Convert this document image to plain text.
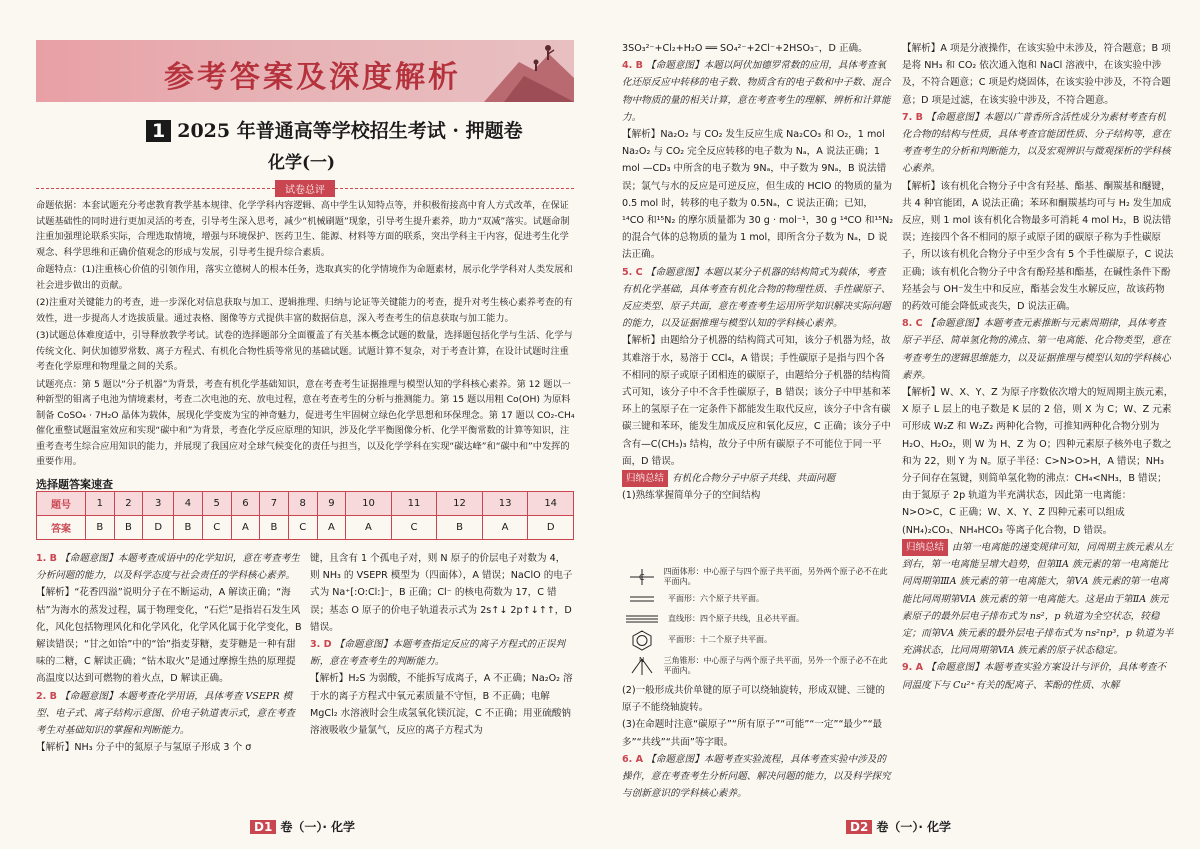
参考答案及深度解析
1 2025 年普通高等学校招生考试 · 押题卷
化学(一)
试卷总评

命题依据：本套试题充分考虑教育教学基本规律、化学学科内容逻辑、高中学生认知特点等，并积极衔接高中育人方式改革，在保证试题基础性的同时进行更加灵活的考查，引导考生深入思考，减少“机械刷题”现象，引导考生提升素养，助力“双减”落实。试题命制注重加强理论联系实际，合理选取情境，增强与环境保护、医药卫生、能源、材料等方面的联系，突出学科主干内容，促进考生化学观念、科学思维和正确价值观念的形成与发展，引导考生提升综合素质。

命题特点：(1)注重核心价值的引领作用，落实立德树人的根本任务，选取真实的化学情境作为命题素材，展示化学学科对人类发展和社会进步做出的贡献。

(2)注重对关键能力的考查，进一步深化对信息获取与加工、逻辑推理、归纳与论证等关键能力的考查，提升对考生核心素养考查的有效性，进一步提高人才选拔质量。通过表格、图像等方式提供丰富的数据信息，深入考查考生的信息获取与加工能力。

(3)试题总体难度适中，引导释放教学考试。试卷的选择题部分全面覆盖了有关基本概念试题的数量，选择题包括化学与生活、化学与传统文化、阿伏加德罗常数、离子方程式、有机化合物性质等常见的基础试题。试题计算不复杂，对于考查计算，在设计试题时注重考查化学原理和物理量之间的关系。

试题亮点：第 5 题以“分子机器”为背景，考查有机化学基础知识，意在考查考生证据推理与模型认知的学科核心素养。第 12 题以一种新型的钼离子电池为情境素材，考查二次电池的充、放电过程，意在考查考生的分析与推测能力。第 15 题以用粗 Co(OH) 为原料制备 CoSO₄ · 7H₂O 晶体为载体，展现化学变废为宝的神奇魅力，促进考生牢固树立绿色化学思想和环保理念。第 17 题以 CO₂-CH₄ 催化重整试题温室效应和实现“碳中和”为背景，考查化学反应原理的知识，涉及化学平衡图像分析、化学平衡常数的计算等知识，注重考查考生综合应用知识的能力，并展现了我国应对全球气候变化的责任与担当，以及化学学科在实现“碳达峰”和“碳中和”中发挥的重要作用。

选择题答案速查
题号	1	2	3	4	5	6	7	8	9	10	11	12	13	14
答案	B	B	D	B	C	A	B	C	A	A	C	B	A	D

1. B 【命题意图】本题考查成语中的化学知识，意在考查考生分析问题的能力，以及科学态度与社会责任的学科核心素养。

【解析】“花香四溢”说明分子在不断运动，A 解读正确；“海枯”为海水的蒸发过程，属于物理变化，“石烂”是指岩石发生风化，风化包括物理风化和化学风化，化学风化属于化学变化，B 解读错误；“甘之如饴”中的“饴”指麦芽糖，麦芽糖是一种有甜味的二糖，C 解读正确；“钻木取火”是通过摩擦生热的原理提高温度以达到可燃物的着火点，D 解读正确。

2. B 【命题意图】本题考查化学用语，具体考查 VSEPR 模型、电子式、离子结构示意图、价电子轨道表示式，意在考查考生对基础知识的掌握和判断能力。

【解析】NH₃ 分子中的氮原子与氢原子形成 3 个 σ

键，且含有 1 个孤电子对，则 N 原子的价层电子对数为 4，则 NH₃ 的 VSEPR 模型为（四面体），A 错误；NaClO 的电子式为 Na⁺[:O:Cl:]⁻，B 正确；Cl⁻ 的核电荷数为 17，C 错误；基态 O 原子的价电子轨道表示式为 2s↑↓ 2p↑↓↑↑，D 错误。

3. D 【命题意图】本题考查指定反应的离子方程式的正误判断，意在考查考生的判断能力。

【解析】H₂S 为弱酸，不能拆写成离子，A 不正确；Na₂O₂ 溶于水的离子方程式中氧元素质量不守恒，B 不正确；电解 MgCl₂ 水溶液时会生成氢氧化镁沉淀，C 不正确；用亚硫酸钠溶液吸收少量氯气，反应的离子方程式为

D1 卷（一）· 化学

3SO₃²⁻+Cl₂+H₂O ══ SO₄²⁻+2Cl⁻+2HSO₃⁻，D 正确。

4. B 【命题意图】本题以阿伏加德罗常数的应用，具体考查氧化还原反应中转移的电子数、物质含有的电子数和中子数、混合物中物质的量的相关计算，意在考查考生的理解、辨析和计算能力。

【解析】Na₂O₂ 与 CO₂ 发生反应生成 Na₂CO₃ 和 O₂，1 mol Na₂O₂ 与 CO₂ 完全反应转移的电子数为 Nₐ，A 说法正确；1 mol —CD₃ 中所含的电子数为 9Nₐ，中子数为 9Nₐ，B 说法错误；氯气与水的反应是可逆反应，但生成的 HClO 的物质的量为 0.5 mol 时，转移的电子数为 0.5Nₐ，C 说法正确；已知，¹⁴CO 和¹⁵N₂ 的摩尔质量都为 30 g · mol⁻¹，30 g ¹⁴CO 和¹⁵N₂ 的混合气体的总物质的量为 1 mol，即所含分子数为 Nₐ，D 说法正确。

5. C 【命题意图】本题以某分子机器的结构简式为载体，考查有机化学基础，具体考查有机化合物的物理性质、手性碳原子、反应类型、原子共面，意在考查考生运用所学知识解决实际问题的能力，以及证据推理与模型认知的学科核心素养。

【解析】由题给分子机器的结构简式可知，该分子机器为烃，故其难溶于水，易溶于 CCl₄，A 错误；手性碳原子是指与四个各不相同的原子或原子团相连的碳原子，由题给分子机器的结构简式可知，该分子中不含手性碳原子，B 错误；该分子中甲基和苯环上的氢原子在一定条件下都能发生取代反应，该分子中含有碳碳三键和苯环，能发生加成反应和氧化反应，C 正确；该分子中含有—C(CH₃)₃ 结构，故分子中所有碳原子不可能位于同一平面，D 错误。

归纳总结 有机化合物分子中原子共线、共面问题

(1)熟练掌握简单分子的空间结构

C
四面体形：中心原子与四个原子共平面，另外两个原子必不在此平面内。
平面形：六个原子共平面。
直线形：四个原子共线，且必共平面。
平面形：十二个原子共平面。
N 三角锥形：中心原子与两个原子共平面，另外一个原子必不在此平面内。

(2)一般形成共价单键的原子可以绕轴旋转，形成双键、三键的原子不能绕轴旋转。

(3)在命题时注意“碳原子”“所有原子”“可能”“一定”“最少”“最多”“共线”“共面”等字眼。

6. A 【命题意图】本题考查实验流程，具体考查实验中涉及的操作，意在考查考生分析问题、解决问题的能力，以及科学探究与创新意识的学科核心素养。

【解析】A 项是分液操作，在该实验中未涉及，符合题意；B 项是将 NH₃ 和 CO₂ 依次通入饱和 NaCl 溶液中，在该实验中涉及，不符合题意；C 项是灼烧固体，在该实验中涉及，不符合题意；D 项是过滤，在该实验中涉及，不符合题意。

7. B 【命题意图】本题以广普香所含活性成分为素材考查有机化合物的结构与性质，具体考查官能团性质、分子结构等，意在考查考生的分析和判断能力，以及宏观辨识与微观探析的学科核心素养。

【解析】该有机化合物分子中含有羟基、酯基、酮羰基和醚键，共 4 种官能团，A 说法正确；苯环和酮羰基均可与 H₂ 发生加成反应，则 1 mol 该有机化合物最多可消耗 4 mol H₂，B 说法错误；连接四个各不相同的原子或原子团的碳原子称为手性碳原子，所以该有机化合物分子中至少含有 5 个手性碳原子，C 说法正确；该有机化合物分子中含有酚羟基和酯基，在碱性条件下酚羟基会与 OH⁻发生中和反应，酯基会发生水解反应，故该药物的药效可能会降低或丧失，D 说法正确。

8. C 【命题意图】本题考查元素推断与元素周期律，具体考查原子半径、简单氢化物的沸点、第一电离能、化合物类型，意在考查考生的逻辑思维能力，以及证据推理与模型认知的学科核心素养。

【解析】W、X、Y、Z 为原子序数依次增大的短周期主族元素，X 原子 L 层上的电子数是 K 层的 2 倍，则 X 为 C；W、Z 元素可形成 W₂Z 和 W₂Z₂ 两种化合物，可推知两种化合物分别为 H₂O、H₂O₂，则 W 为 H、Z 为 O；四种元素原子核外电子数之和为 22，则 Y 为 N。原子半径：C>N>O>H，A 错误；NH₃ 分子间存在氢键，则简单氢化物的沸点：CH₄<NH₃，B 错误；由于氮原子 2p 轨道为半充满状态，因此第一电离能：N>O>C，C 正确；W、X、Y、Z 四种元素可以组成 (NH₄)₂CO₃、NH₄HCO₃ 等离子化合物，D 错误。

归纳总结 由第一电离能的递变规律可知，同周期主族元素从左到右，第一电离能呈增大趋势，但第ⅡA 族元素的第一电离能比同周期第ⅢA 族元素的第一电离能大，第ⅤA 族元素的第一电离能比同周期第ⅥA 族元素的第一电离能大。这是由于第ⅡA 族元素原子的最外层电子排布式为 ns²，p 轨道为全空状态，较稳定；而第ⅤA 族元素的最外层电子排布式为 ns²np³，p 轨道为半充满状态，比同周期第ⅥA 族元素的原子状态稳定。

9. A 【命题意图】本题考查实验方案设计与评价，具体考查不同温度下与 Cu²⁺有关的配离子、苯酚的性质、水解

D2 卷（一）· 化学
